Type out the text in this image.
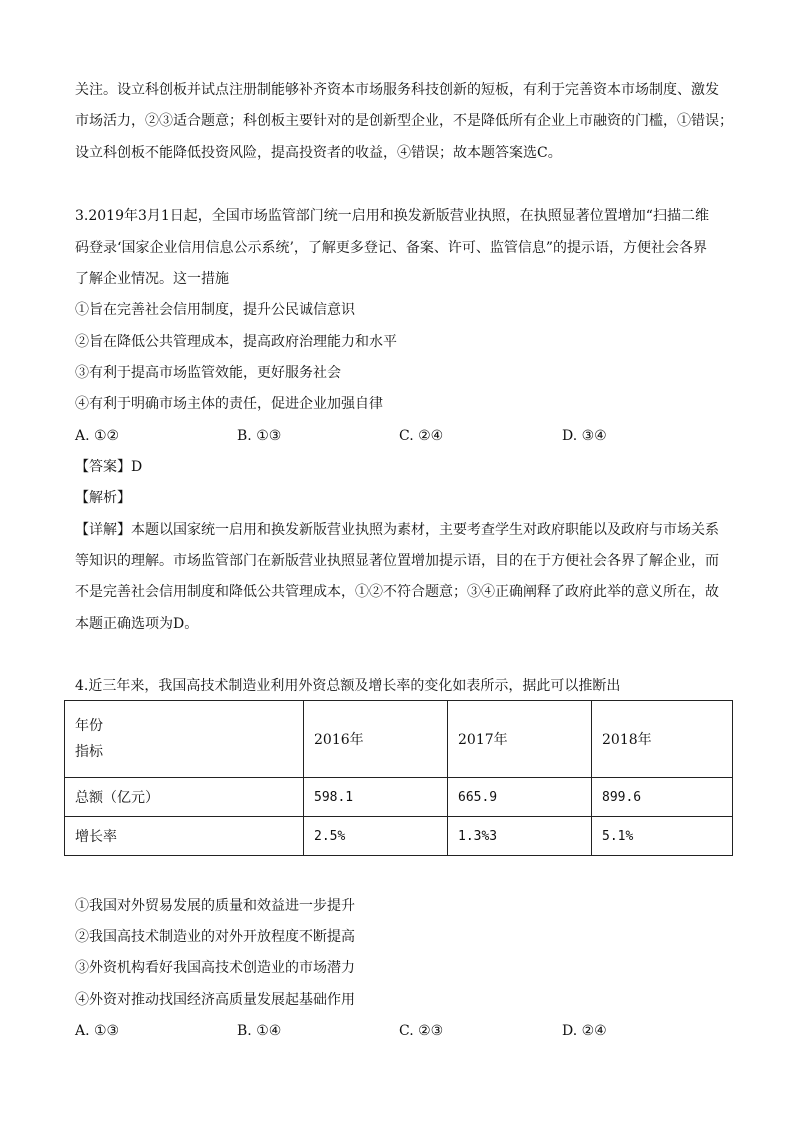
关注。设立科创板并试点注册制能够补齐资本市场服务科技创新的短板，有利于完善资本市场制度、激发
市场活力，②③适合题意；科创板主要针对的是创新型企业，不是降低所有企业上市融资的门槛，①错误；
设立科创板不能降低投资风险，提高投资者的收益，④错误；故本题答案选C。
3.2019年3月1日起，全国市场监管部门统一启用和换发新版营业执照，在执照显著位置增加“扫描二维
码登录‘国家企业信用信息公示系统’，了解更多登记、备案、许可、监管信息”的提示语，方便社会各界
了解企业情况。这一措施
①旨在完善社会信用制度，提升公民诚信意识
②旨在降低公共管理成本，提高政府治理能力和水平
③有利于提高市场监管效能，更好服务社会
④有利于明确市场主体的责任，促进企业加强自律
A. ①②	B. ①③	C. ②④	D. ③④
【答案】D
【解析】
【详解】本题以国家统一启用和换发新版营业执照为素材，主要考查学生对政府职能以及政府与市场关系
等知识的理解。市场监管部门在新版营业执照显著位置增加提示语，目的在于方便社会各界了解企业，而
不是完善社会信用制度和降低公共管理成本，①②不符合题意；③④正确阐释了政府此举的意义所在，故
本题正确选项为D。
4.近三年来，我国高技术制造业利用外资总额及增长率的变化如表所示，据此可以推断出
年份
指标	2016年	2017年	2018年
总额（亿元）	598.1	665.9	899.6
增长率	2.5%	1.3%3	5.1%
①我国对外贸易发展的质量和效益进一步提升
②我国高技术制造业的对外开放程度不断提高
③外资机构看好我国高技术创造业的市场潜力
④外资对推动找国经济高质量发展起基础作用
A. ①③	B. ①④	C. ②③	D. ②④
